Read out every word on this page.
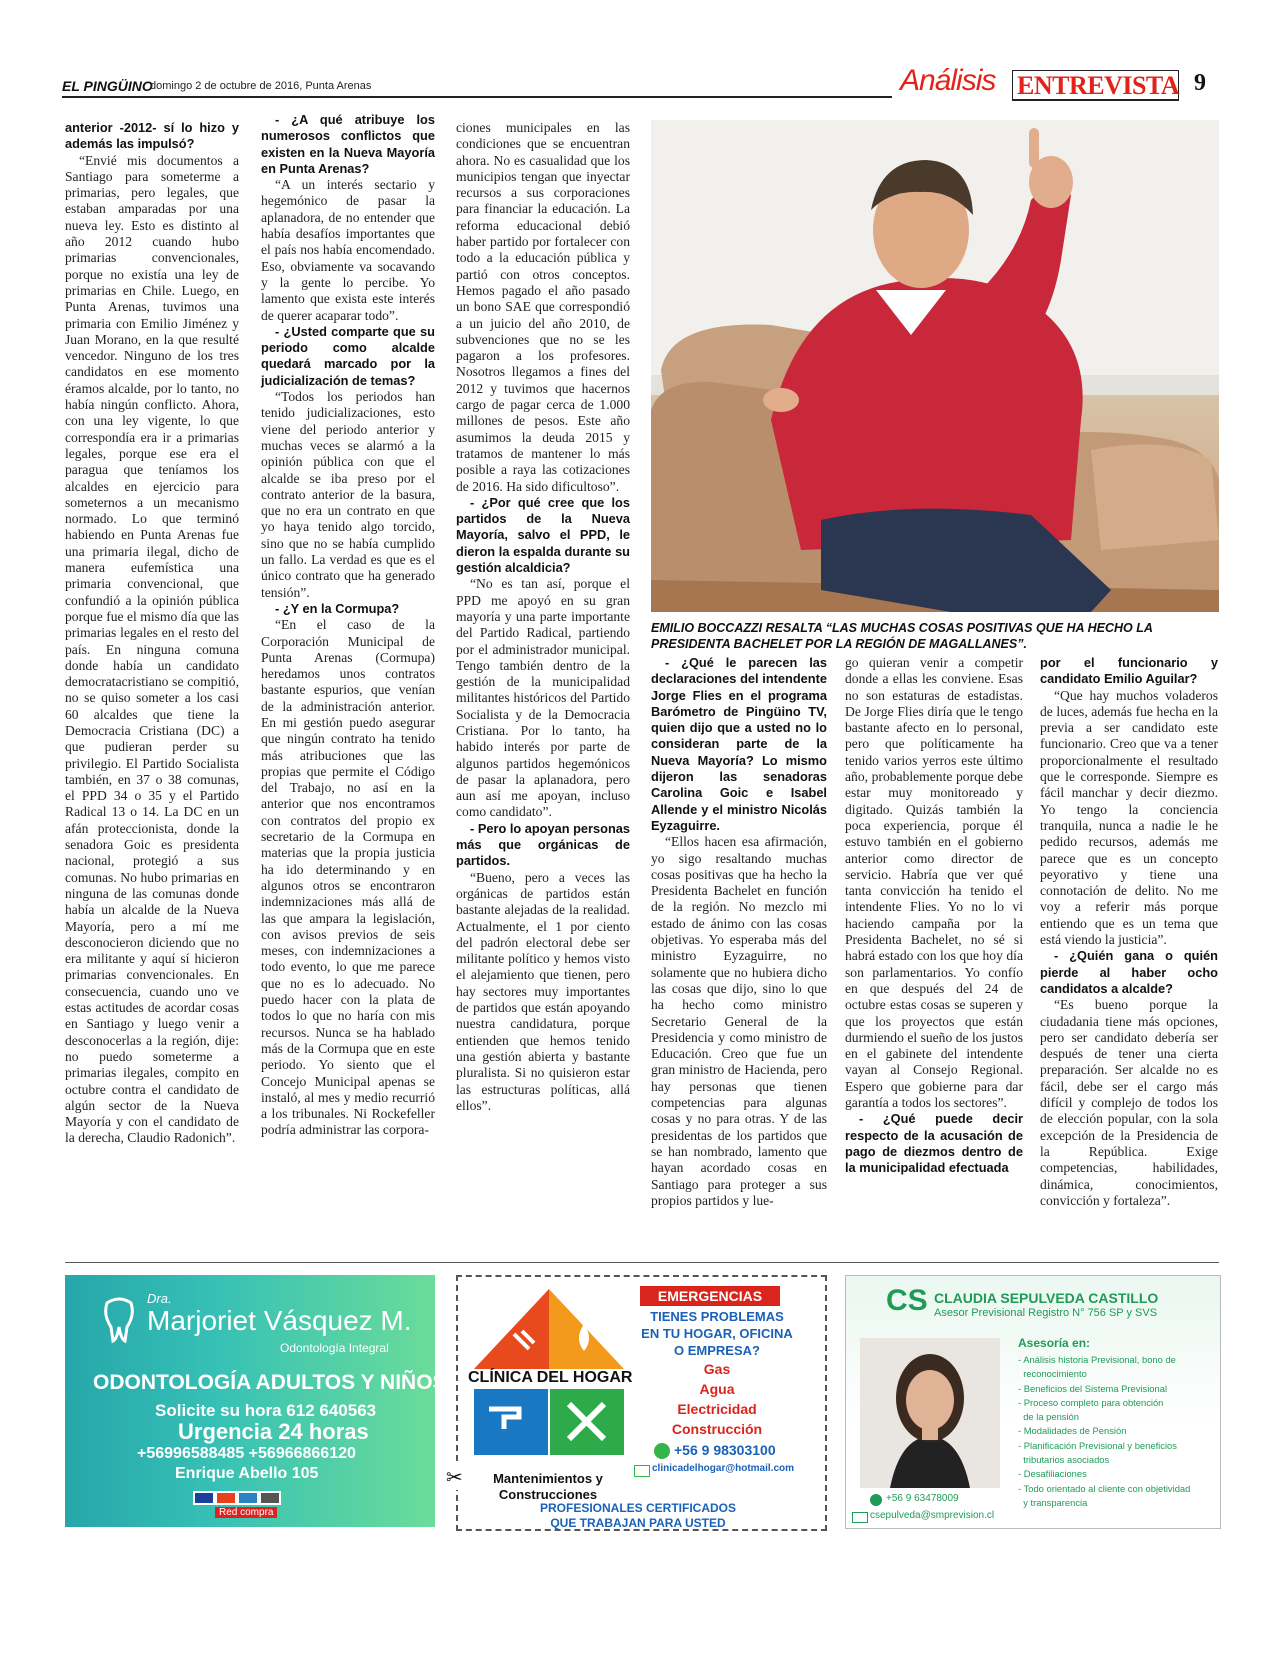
EL PINGÜINO
domingo 2 de octubre de 2016, Punta Arenas	Análisis ENTREVISTA 9

anterior -2012- sí lo hizo y además las impulsó?

“Envié mis documentos a Santiago para someterme a primarias, pero legales, que estaban amparadas por una nueva ley. Esto es distinto al año 2012 cuando hubo primarias convencionales, porque no existía una ley de primarias en Chile. Luego, en Punta Arenas, tuvimos una primaria con Emilio Jiménez y Juan Morano, en la que resulté vencedor. Ninguno de los tres candidatos en ese momento éramos alcalde, por lo tanto, no había ningún conflicto. Ahora, con una ley vigente, lo que correspondía era ir a primarias legales, porque ese era el paragua que teníamos los alcaldes en ejercicio para someternos a un mecanismo normado. Lo que terminó habiendo en Punta Arenas fue una primaria ilegal, dicho de manera eufemística una primaria convencional, que confundió a la opinión pública porque fue el mismo día que las primarias legales en el resto del país. En ninguna comuna donde había un candidato democratacristiano se compitió, no se quiso someter a los casi 60 alcaldes que tiene la Democracia Cristiana (DC) a que pudieran perder su privilegio. El Partido Socialista también, en 37 o 38 comunas, el PPD 34 o 35 y el Partido Radical 13 o 14. La DC en un afán proteccionista, donde la senadora Goic es presidenta nacional, protegió a sus comunas. No hubo primarias en ninguna de las comunas donde había un alcalde de la Nueva Mayoría, pero a mí me desconocieron diciendo que no era militante y aquí sí hicieron primarias convencionales. En consecuencia, cuando uno ve estas actitudes de acordar cosas en Santiago y luego venir a desconocerlas a la región, dije: no puedo someterme a primarias ilegales, compito en octubre contra el candidato de algún sector de la Nueva Mayoría y con el candidato de la derecha, Claudio Radonich”.

- ¿A qué atribuye los numerosos conflictos que existen en la Nueva Mayoría en Punta Arenas?

“A un interés sectario y hegemónico de pasar la aplanadora, de no entender que había desafíos importantes que el país nos había encomendado. Eso, obviamente va socavando y la gente lo percibe. Yo lamento que exista este interés de querer acaparar todo”.

- ¿Usted comparte que su periodo como alcalde quedará marcado por la judicialización de temas?

“Todos los periodos han tenido judicializaciones, esto viene del periodo anterior y muchas veces se alarmó a la opinión pública con que el alcalde se iba preso por el contrato anterior de la basura, que no era un contrato en que yo haya tenido algo torcido, sino que no se había cumplido un fallo. La verdad es que es el único contrato que ha generado tensión”.

- ¿Y en la Cormupa?

“En el caso de la Corporación Municipal de Punta Arenas (Cormupa) heredamos unos contratos bastante espurios, que venían de la administración anterior. En mi gestión puedo asegurar que ningún contrato ha tenido más atribuciones que las propias que permite el Código del Trabajo, no así en la anterior que nos encontramos con contratos del propio ex secretario de la Cormupa en materias que la propia justicia ha ido determinando y en algunos otros se encontraron indemnizaciones más allá de las que ampara la legislación, con avisos previos de seis meses, con indemnizaciones a todo evento, lo que me parece que no es lo adecuado. No puedo hacer con la plata de todos lo que no haría con mis recursos. Nunca se ha hablado más de la Cormupa que en este periodo. Yo siento que el Concejo Municipal apenas se instaló, al mes y medio recurrió a los tribunales. Ni Rockefeller podría administrar las corpora-

ciones municipales en las condiciones que se encuentran ahora. No es casualidad que los municipios tengan que inyectar recursos a sus corporaciones para financiar la educación. La reforma educacional debió haber partido por fortalecer con todo a la educación pública y partió con otros conceptos. Hemos pagado el año pasado un bono SAE que correspondió a un juicio del año 2010, de subvenciones que no se les pagaron a los profesores. Nosotros llegamos a fines del 2012 y tuvimos que hacernos cargo de pagar cerca de 1.000 millones de pesos. Este año asumimos la deuda 2015 y tratamos de mantener lo más posible a raya las cotizaciones de 2016. Ha sido dificultoso”.

- ¿Por qué cree que los partidos de la Nueva Mayoría, salvo el PPD, le dieron la espalda durante su gestión alcaldicia?

“No es tan así, porque el PPD me apoyó en su gran mayoría y una parte importante del Partido Radical, partiendo por el administrador municipal. Tengo también dentro de la gestión de la municipalidad militantes históricos del Partido Socialista y de la Democracia Cristiana. Por lo tanto, ha habido interés por parte de algunos partidos hegemónicos de pasar la aplanadora, pero aun así me apoyan, incluso como candidato”.

- Pero lo apoyan personas más que orgánicas de partidos.

“Bueno, pero a veces las orgánicas de partidos están bastante alejadas de la realidad. Actualmente, el 1 por ciento del padrón electoral debe ser militante político y hemos visto el alejamiento que tienen, pero hay sectores muy importantes de partidos que están apoyando nuestra candidatura, porque entienden que hemos tenido una gestión abierta y bastante pluralista. Si no quisieron estar las estructuras políticas, allá ellos”.

EMILIO BOCCAZZI RESALTA “LAS MUCHAS COSAS POSITIVAS QUE HA HECHO LA PRESIDENTA BACHELET POR LA REGIÓN DE MAGALLANES”.

- ¿Qué le parecen las declaraciones del intendente Jorge Flies en el programa Barómetro de Pingüino TV, quien dijo que a usted no lo consideran parte de la Nueva Mayoría? Lo mismo dijeron las senadoras Carolina Goic e Isabel Allende y el ministro Nicolás Eyzaguirre.

“Ellos hacen esa afirmación, yo sigo resaltando muchas cosas positivas que ha hecho la Presidenta Bachelet en función de la región. No mezclo mi estado de ánimo con las cosas objetivas. Yo esperaba más del ministro Eyzaguirre, no solamente que no hubiera dicho las cosas que dijo, sino lo que ha hecho como ministro Secretario General de la Presidencia y como ministro de Educación. Creo que fue un gran ministro de Hacienda, pero hay personas que tienen competencias para algunas cosas y no para otras. Y de las presidentas de los partidos que se han nombrado, lamento que hayan acordado cosas en Santiago para proteger a sus propios partidos y lue-

go quieran venir a competir donde a ellas les conviene. Esas no son estaturas de estadistas. De Jorge Flies diría que le tengo bastante afecto en lo personal, pero que políticamente ha tenido varios yerros este último año, probablemente porque debe estar muy monitoreado y digitado. Quizás también la poca experiencia, porque él estuvo también en el gobierno anterior como director de servicio. Habría que ver qué tanta convicción ha tenido el intendente Flies. Yo no lo vi haciendo campaña por la Presidenta Bachelet, no sé si habrá estado con los que hoy día son parlamentarios. Yo confío en que después del 24 de octubre estas cosas se superen y que los proyectos que están durmiendo el sueño de los justos en el gabinete del intendente vayan al Consejo Regional. Espero que gobierne para dar garantía a todos los sectores”.

- ¿Qué puede decir respecto de la acusación de pago de diezmos dentro de la municipalidad efectuada

por el funcionario y candidato Emilio Aguilar?

“Que hay muchos voladeros de luces, además fue hecha en la previa a ser candidato este funcionario. Creo que va a tener proporcionalmente el resultado que le corresponde. Siempre es fácil manchar y decir diezmo. Yo tengo la conciencia tranquila, nunca a nadie le he pedido recursos, además me parece que es un concepto peyorativo y tiene una connotación de delito. No me voy a referir más porque entiendo que es un tema que está viendo la justicia”.

- ¿Quién gana o quién pierde al haber ocho candidatos a alcalde?

“Es bueno porque la ciudadania tiene más opciones, pero ser candidato debería ser después de tener una cierta preparación. Ser alcalde no es fácil, debe ser el cargo más difícil y complejo de todos los de elección popular, con la sola excepción de la Presidencia de la República. Exige competencias, habilidades, dinámica, conocimientos, convicción y fortaleza”.

Dra.
Marjoriet Vásquez M.
Odontología Integral
ODONTOLOGÍA ADULTOS Y NIÑOS
Solicite su hora 612 640563
Urgencia 24 horas
+56996588485 +56966866120
Enrique Abello 105
Red compra
CLÍNICA DEL HOGAR
Mantenimientos y
Construcciones
EMERGENCIAS
TIENES PROBLEMAS
EN TU HOGAR, OFICINA
O EMPRESA?
Gas
Agua
Electricidad
Construcción
+56 9 98303100
clinicadelhogar@hotmail.com
PROFESIONALES CERTIFICADOS
QUE TRABAJAN PARA USTED
✂
CS CLAUDIA SEPULVEDA CASTILLO
Asesor Previsional Registro N° 756 SP y SVS
Asesoría en:
- Análisis historia Previsional, bono de
reconocimiento
- Beneficios del Sistema Previsional
- Proceso completo para obtención
de la pensión
- Modalidades de Pensión
- Planificación Previsional y beneficios
tributarios asociados
- Desafiliaciones
- Todo orientado al cliente con objetividad
y transparencia
+56 9 63478009
csepulveda@smprevision.cl
